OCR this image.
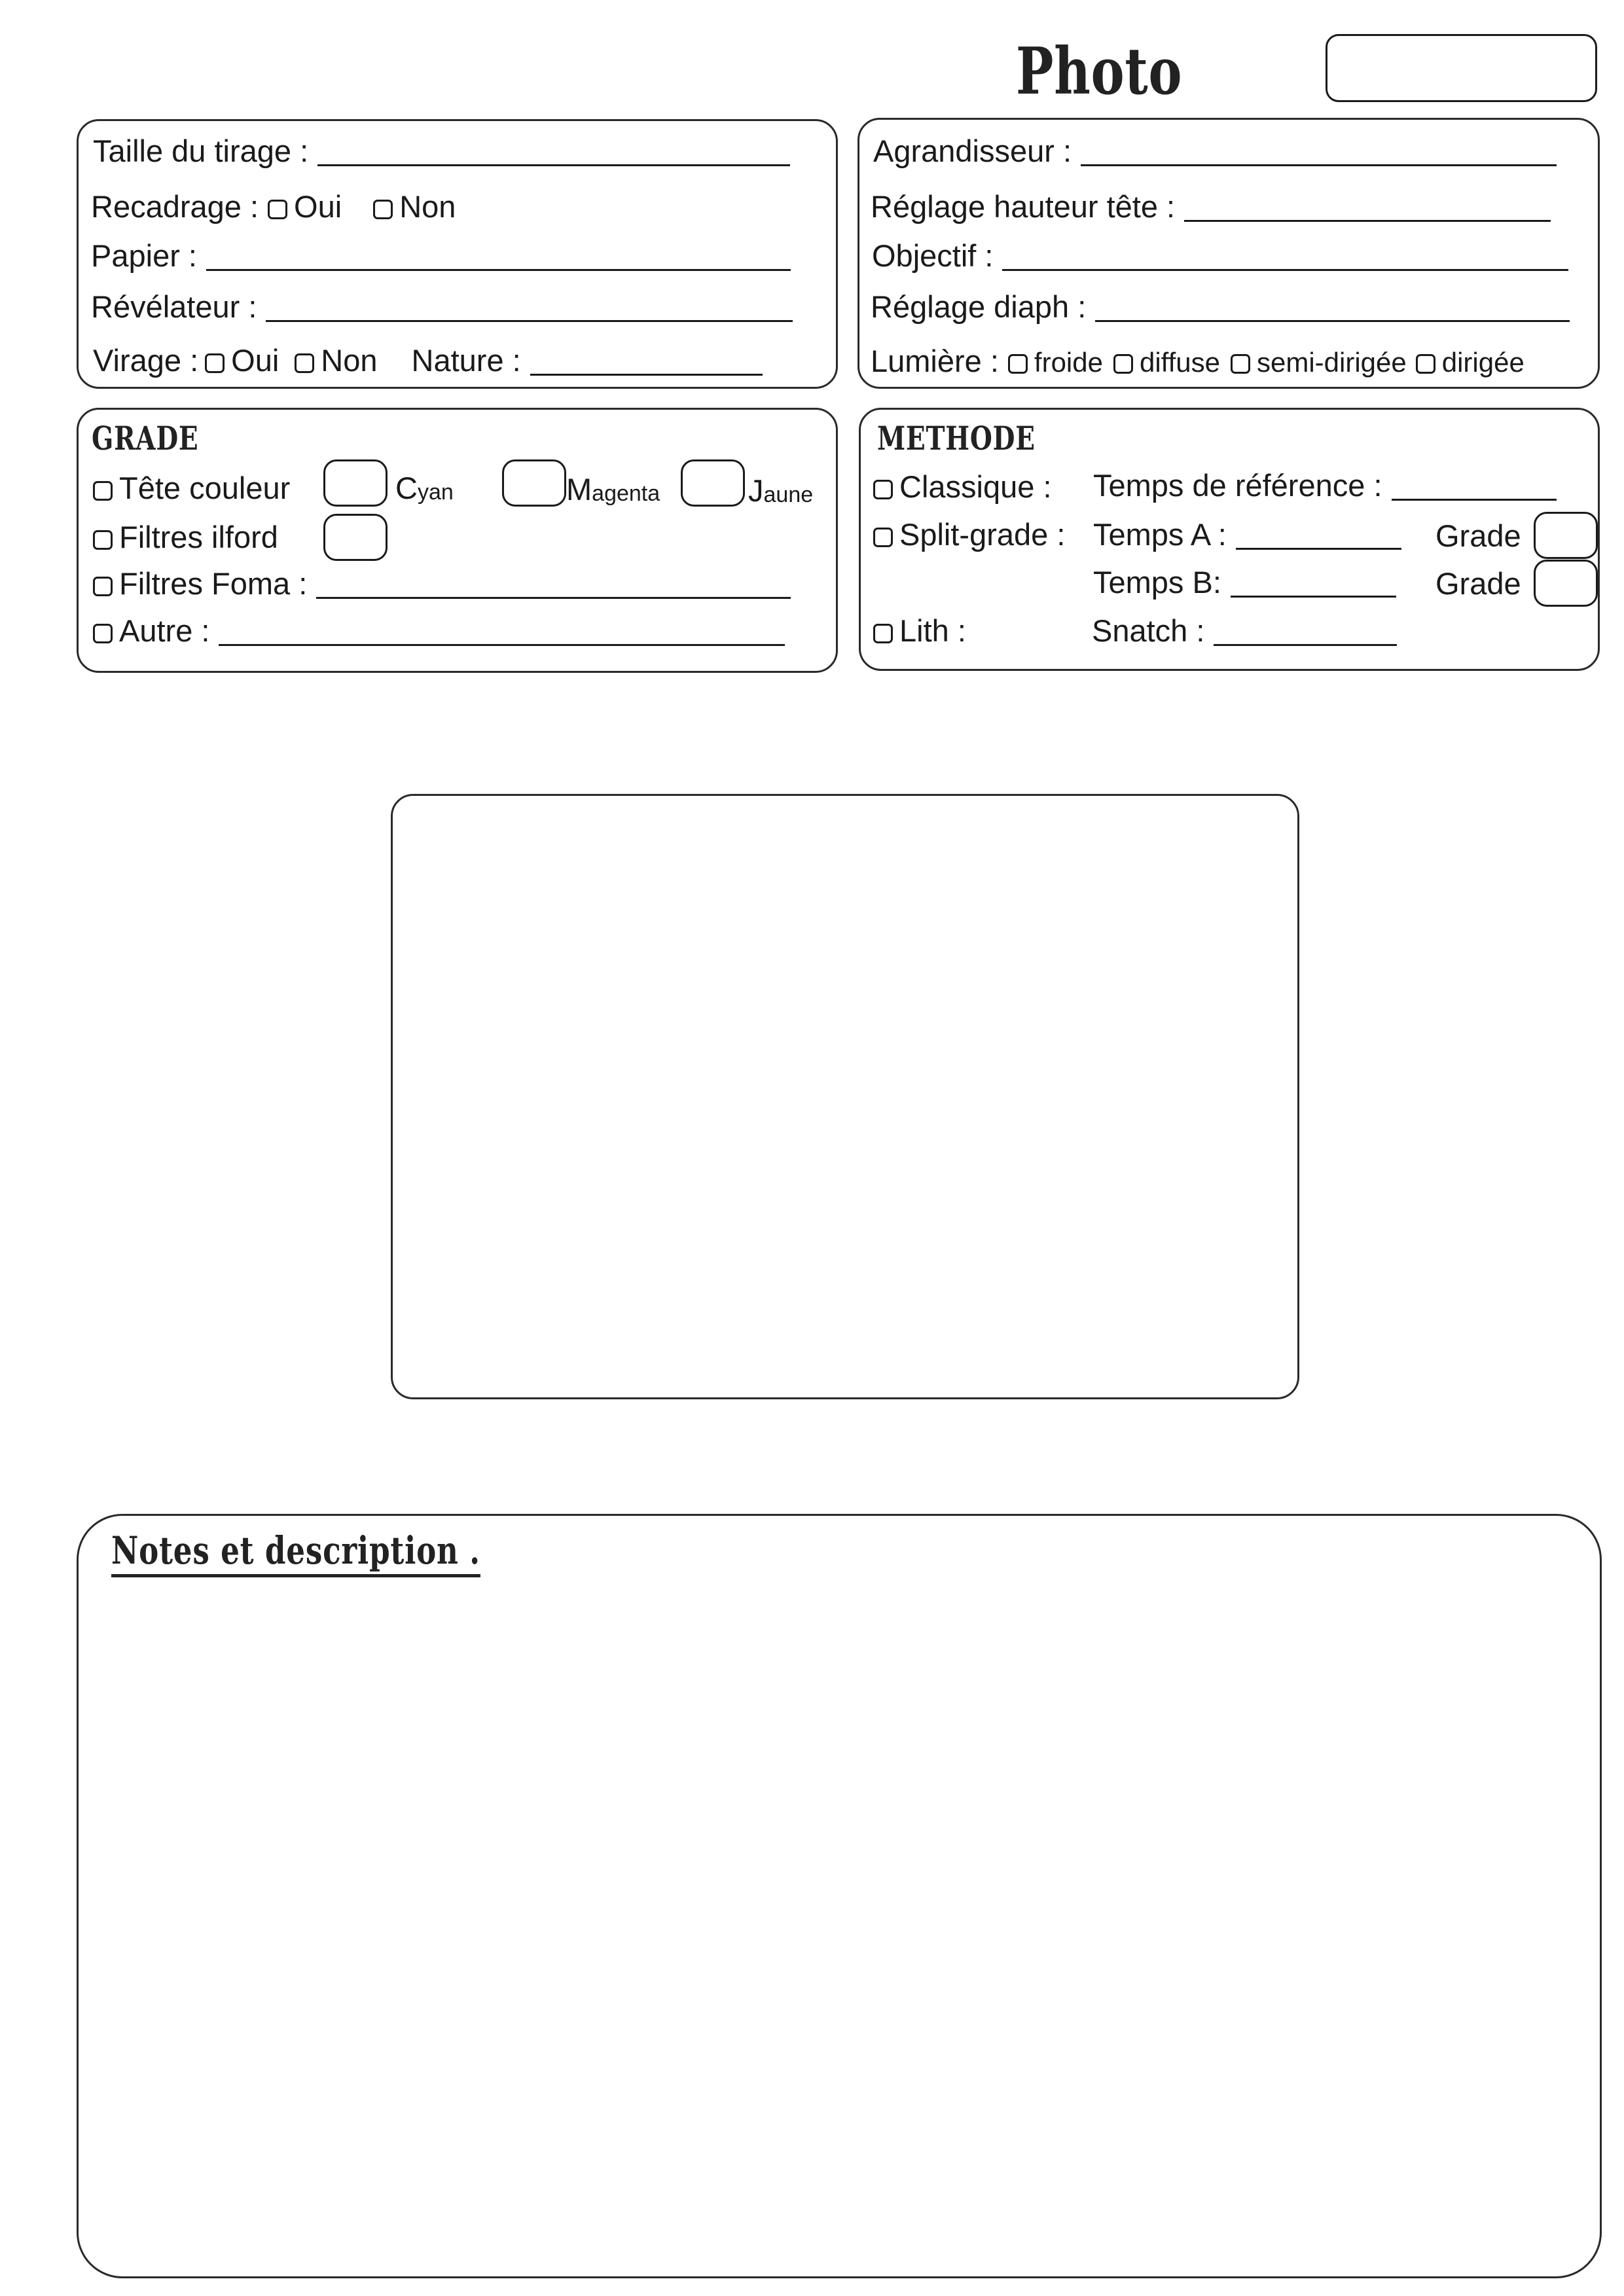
Photo
Taille du tirage :
Recadrage : Oui Non
Papier :
Révélateur :
Virage : Oui Non Nature :
Agrandisseur :
Réglage hauteur tête :
Objectif :
Réglage diaph :
Lumière : froide diffuse semi-dirigée dirigée
GRADE
Tête couleur	C yan	M agenta	J aune
Filtres ilford
Filtres Foma :
Autre :
METHODE
Classique : Temps de référence :
Split-grade : Temps A :	Grade
Temps B:	Grade
Lith :	Snatch :
Notes et description .
